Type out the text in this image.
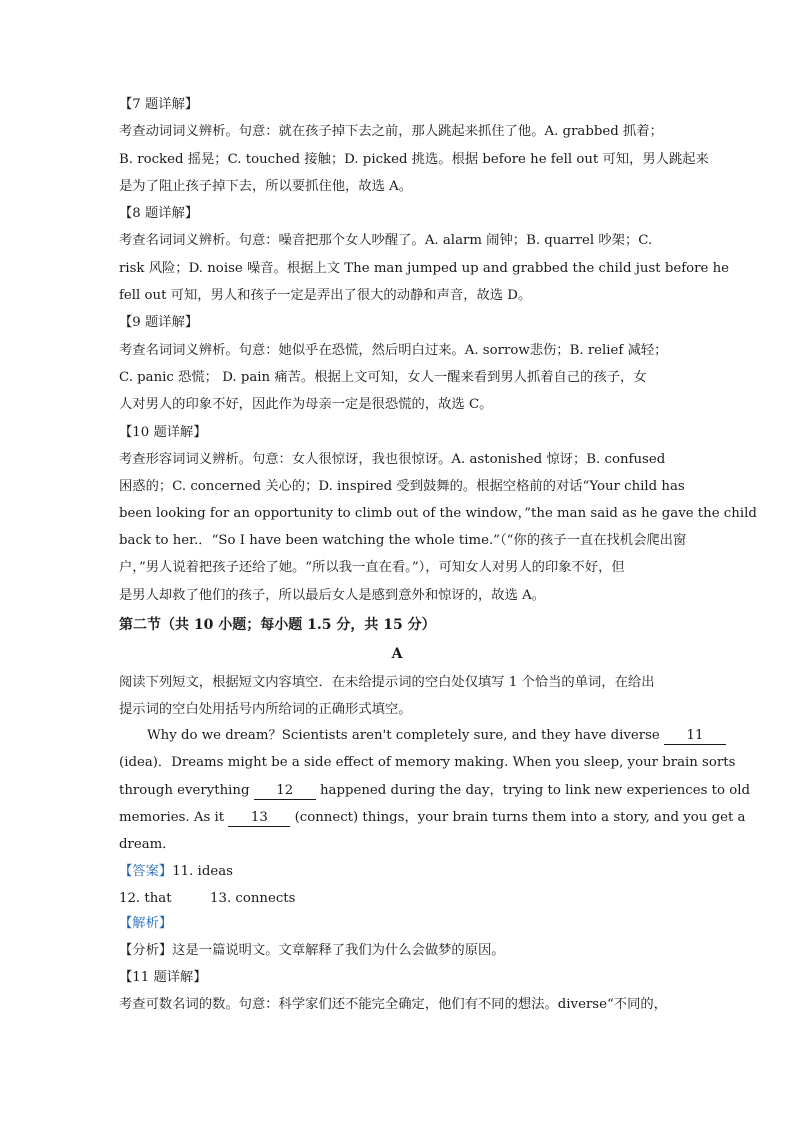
【7 题详解】
考查动词词义辨析。句意：就在孩子掉下去之前，那人跳起来抓住了他。A. grabbed 抓着；
B. rocked 摇晃；C. touched 接触；D. picked 挑选。根据 before he fell out 可知，男人跳起来
是为了阻止孩子掉下去，所以要抓住他，故选 A。
【8 题详解】
考查名词词义辨析。句意：噪音把那个女人吵醒了。A. alarm 闹钟；B. quarrel 吵架；C.
risk 风险；D. noise 噪音。根据上文 The man jumped up and grabbed the child just before he
fell out 可知，男人和孩子一定是弄出了很大的动静和声音，故选 D。
【9 题详解】
考查名词词义辨析。句意：她似乎在恐慌，然后明白过来。A. sorrow悲伤；B. relief 减轻；
C. panic 恐慌； D. pain 痛苦。根据上文可知，女人一醒来看到男人抓着自己的孩子，女
人对男人的印象不好，因此作为母亲一定是很恐慌的，故选 C。
【10 题详解】
考查形容词词义辨析。句意：女人很惊讶，我也很惊讶。A. astonished 惊讶；B. confused
困惑的；C. concerned 关心的；D. inspired 受到鼓舞的。根据空格前的对话“Your child has
been looking for an opportunity to climb out of the window，”the man said as he gave the child
back to her.．“So I have been watching the whole time.”（“你的孩子一直在找机会爬出窗
户，”男人说着把孩子还给了她。“所以我一直在看。”），可知女人对男人的印象不好，但
是男人却救了他们的孩子，所以最后女人是感到意外和惊讶的，故选 A。
第二节（共 10 小题；每小题 1.5 分，共 15 分）
A
阅读下列短文，根据短文内容填空．在未给提示词的空白处仅填写 1 个恰当的单词，在给出
提示词的空白处用括号内所给词的正确形式填空。
Why do we dream？Scientists aren't completely sure, and they have diverse 11
(idea)．Dreams might be a side effect of memory making. When you sleep, your brain sorts
through everything 12 happened during the day，trying to link new experiences to old
memories. As it 13 (connect) things，your brain turns them into a story, and you get a
dream．
【答案】11. ideas
12. that	13. connects
【解析】
【分析】这是一篇说明文。文章解释了我们为什么会做梦的原因。
【11 题详解】
考查可数名词的数。句意：科学家们还不能完全确定，他们有不同的想法。diverse“不同的，
